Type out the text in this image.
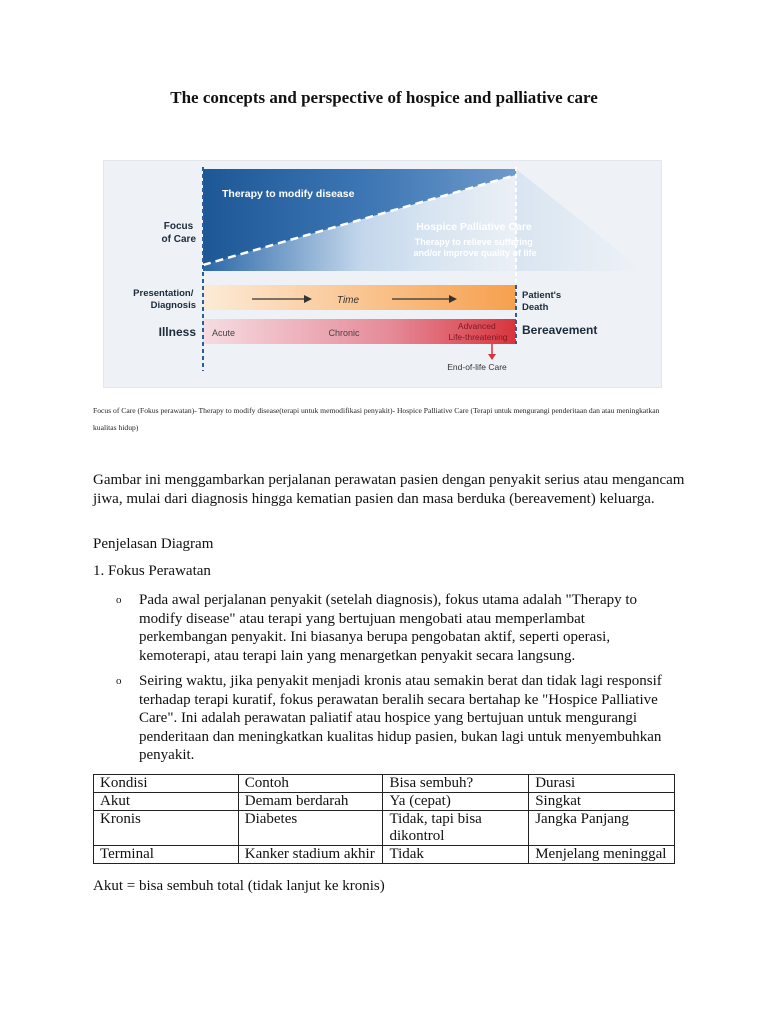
The concepts and perspective of hospice and palliative care
Therapy to modify disease
Focus of Care
Hospice Palliative Care
Therapy to relieve suffering and/or improve quality of life
Presentation/ Diagnosis	Time	Patient's Death
Illness Acute	Chronic
Advanced Life-threatening Bereavement
End-of-life Care
Focus of Care (Fokus perawatan)- Therapy to modify disease(terapi untuk memodifikasi penyakit)- Hospice Palliative Care (Terapi untuk mengurangi penderitaan dan atau meningkatkan kualitas hidup)
Gambar ini menggambarkan perjalanan perawatan pasien dengan penyakit serius atau mengancam jiwa, mulai dari diagnosis hingga kematian pasien dan masa berduka (bereavement) keluarga.
Penjelasan Diagram
1. Fokus Perawatan
o Pada awal perjalanan penyakit (setelah diagnosis), fokus utama adalah "Therapy to modify disease" atau terapi yang bertujuan mengobati atau memperlambat perkembangan penyakit. Ini biasanya berupa pengobatan aktif, seperti operasi, kemoterapi, atau terapi lain yang menargetkan penyakit secara langsung.
o Seiring waktu, jika penyakit menjadi kronis atau semakin berat dan tidak lagi responsif terhadap terapi kuratif, fokus perawatan beralih secara bertahap ke "Hospice Palliative Care". Ini adalah perawatan paliatif atau hospice yang bertujuan untuk mengurangi penderitaan dan meningkatkan kualitas hidup pasien, bukan lagi untuk menyembuhkan penyakit.
Kondisi	Contoh	Bisa sembuh?	Durasi
Akut	Demam berdarah	Ya (cepat)	Singkat
Kronis	Diabetes	Tidak, tapi bisa dikontrol	Jangka Panjang
Terminal	Kanker stadium akhir	Tidak	Menjelang meninggal
Akut = bisa sembuh total (tidak lanjut ke kronis)
